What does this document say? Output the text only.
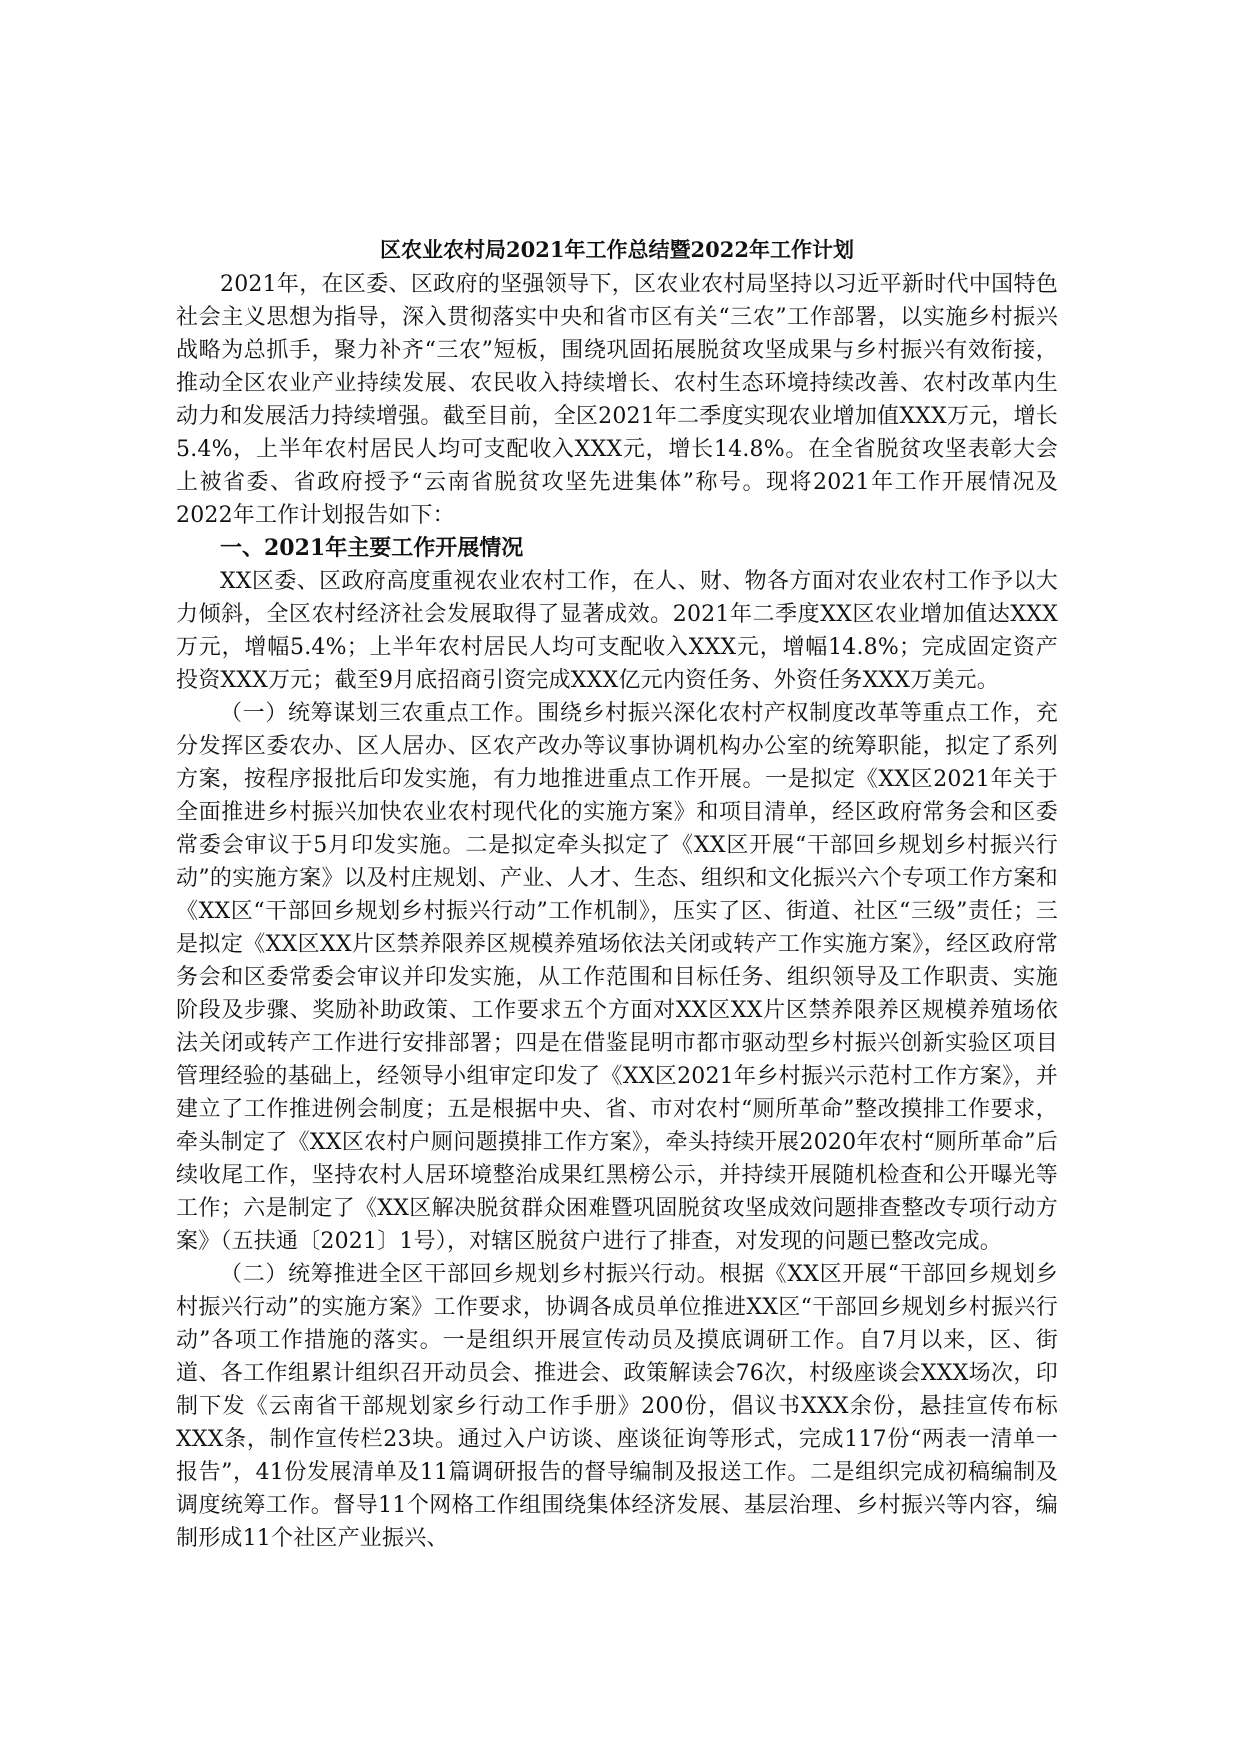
区农业农村局2021年工作总结暨2022年工作计划

2021年，在区委、区政府的坚强领导下，区农业农村局坚持以习近平新时代中国特色社会主义思想为指导，深入贯彻落实中央和省市区有关“三农”工作部署，以实施乡村振兴战略为总抓手，聚力补齐“三农”短板，围绕巩固拓展脱贫攻坚成果与乡村振兴有效衔接，推动全区农业产业持续发展、农民收入持续增长、农村生态环境持续改善、农村改革内生动力和发展活力持续增强。截至目前，全区2021年二季度实现农业增加值XXX万元，增长5.4%，上半年农村居民人均可支配收入XXX元，增长14.8%。在全省脱贫攻坚表彰大会上被省委、省政府授予“云南省脱贫攻坚先进集体”称号。现将2021年工作开展情况及2022年工作计划报告如下：

一、2021年主要工作开展情况

XX区委、区政府高度重视农业农村工作，在人、财、物各方面对农业农村工作予以大力倾斜，全区农村经济社会发展取得了显著成效。2021年二季度XX区农业增加值达XXX万元，增幅5.4%；上半年农村居民人均可支配收入XXX元，增幅14.8%；完成固定资产投资XXX万元；截至9月底招商引资完成XXX亿元内资任务、外资任务XXX万美元。

（一）统筹谋划三农重点工作。围绕乡村振兴深化农村产权制度改革等重点工作，充分发挥区委农办、区人居办、区农产改办等议事协调机构办公室的统筹职能，拟定了系列方案，按程序报批后印发实施，有力地推进重点工作开展。一是拟定《XX区2021年关于全面推进乡村振兴加快农业农村现代化的实施方案》和项目清单，经区政府常务会和区委常委会审议于5月印发实施。二是拟定牵头拟定了《XX区开展“干部回乡规划乡村振兴行动”的实施方案》以及村庄规划、产业、人才、生态、组织和文化振兴六个专项工作方案和《XX区“干部回乡规划乡村振兴行动”工作机制》，压实了区、街道、社区“三级”责任；三是拟定《XX区XX片区禁养限养区规模养殖场依法关闭或转产工作实施方案》，经区政府常务会和区委常委会审议并印发实施，从工作范围和目标任务、组织领导及工作职责、实施阶段及步骤、奖励补助政策、工作要求五个方面对XX区XX片区禁养限养区规模养殖场依法关闭或转产工作进行安排部署；四是在借鉴昆明市都市驱动型乡村振兴创新实验区项目管理经验的基础上，经领导小组审定印发了《XX区2021年乡村振兴示范村工作方案》，并建立了工作推进例会制度；五是根据中央、省、市对农村“厕所革命”整改摸排工作要求，牵头制定了《XX区农村户厕问题摸排工作方案》，牵头持续开展2020年农村“厕所革命”后续收尾工作，坚持农村人居环境整治成果红黑榜公示，并持续开展随机检查和公开曝光等工作；六是制定了《XX区解决脱贫群众困难暨巩固脱贫攻坚成效问题排查整改专项行动方案》（五扶通〔2021〕1号），对辖区脱贫户进行了排查，对发现的问题已整改完成。

（二）统筹推进全区干部回乡规划乡村振兴行动。根据《XX区开展“干部回乡规划乡村振兴行动”的实施方案》工作要求，协调各成员单位推进XX区“干部回乡规划乡村振兴行动”各项工作措施的落实。一是组织开展宣传动员及摸底调研工作。自7月以来，区、街道、各工作组累计组织召开动员会、推进会、政策解读会76次，村级座谈会XXX场次，印制下发《云南省干部规划家乡行动工作手册》200份，倡议书XXX余份，悬挂宣传布标XXX条，制作宣传栏23块。通过入户访谈、座谈征询等形式，完成117份“两表一清单一报告”，41份发展清单及11篇调研报告的督导编制及报送工作。二是组织完成初稿编制及调度统筹工作。督导11个网格工作组围绕集体经济发展、基层治理、乡村振兴等内容，编制形成11个社区产业振兴、
